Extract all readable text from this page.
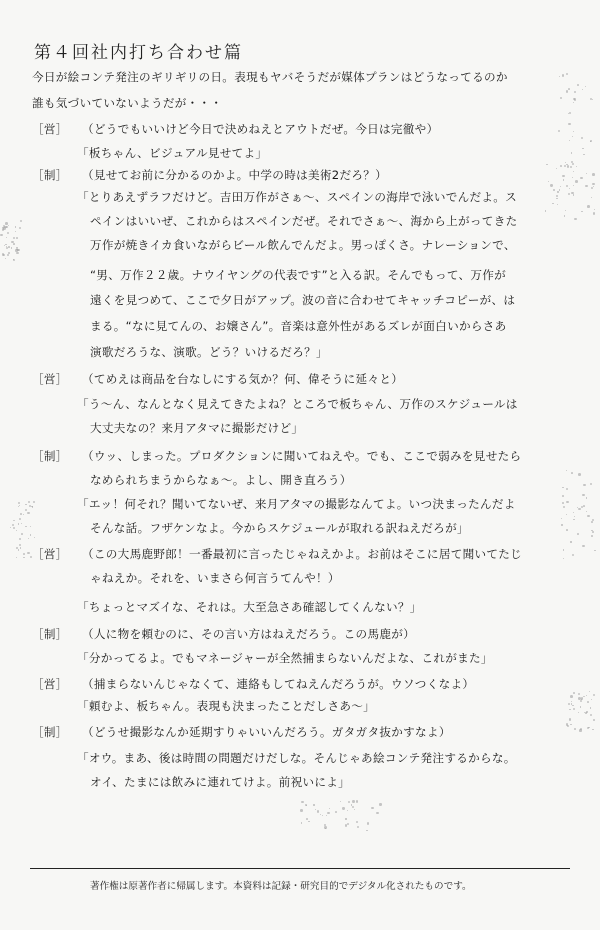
第４回社内打ち合わせ篇
今日が絵コンテ発注のギリギリの日。表現もヤバそうだが媒体プランはどうなってるのか
誰も気づいていないようだが・・・
［営］ （どうでもいいけど今日で決めねえとアウトだぜ。今日は完徹や）
「板ちゃん、ビジュアル見せてよ」
［制］ （見せてお前に分かるのかよ。中学の時は美術2だろ？）
「とりあえずラフだけど。吉田万作がさぁ～、スペインの海岸で泳いでんだよ。ス
ペインはいいぜ、これからはスペインだぜ。それでさぁ～、海から上がってきた
万作が焼きイカ食いながらビール飲んでんだよ。男っぽくさ。ナレーションで、
“男、万作２２歳。ナウイヤングの代表です”と入る訳。そんでもって、万作が
遠くを見つめて、ここで夕日がアップ。波の音に合わせてキャッチコピーが、は
まる。“なに見てんの、お嬢さん”。音楽は意外性があるズレが面白いからさあ
演歌だろうな、演歌。どう？いけるだろ？」
［営］ （てめえは商品を台なしにする気か？何、偉そうに延々と）
「う～ん、なんとなく見えてきたよね？ところで板ちゃん、万作のスケジュールは
大丈夫なの？来月アタマに撮影だけど」
［制］ （ウッ、しまった。プロダクションに聞いてねえや。でも、ここで弱みを見せたら
なめられちまうからなぁ～。よし、開き直ろう）
「エッ！何それ？聞いてないぜ、来月アタマの撮影なんてよ。いつ決まったんだよ
そんな話。フザケンなよ。今からスケジュールが取れる訳ねえだろが」
［営］ （この大馬鹿野郎！一番最初に言ったじゃねえかよ。お前はそこに居て聞いてたじ
ゃねえか。それを、いまさら何言うてんや！）
「ちょっとマズイな、それは。大至急さあ確認してくんない？」
［制］ （人に物を頼むのに、その言い方はねえだろう。この馬鹿が）
「分かってるよ。でもマネージャーが全然捕まらないんだよな、これがまた」
［営］ （捕まらないんじゃなくて、連絡もしてねえんだろうが。ウソつくなよ）
「頼むよ、板ちゃん。表現も決まったことだしさあ～」
［制］ （どうせ撮影なんか延期すりゃいいんだろう。ガタガタ抜かすなよ）
「オウ。まあ、後は時間の問題だけだしな。そんじゃあ絵コンテ発注するからな。
オイ、たまには飲みに連れてけよ。前祝いによ」
著作権は原著作者に帰属します。本資料は記録・研究目的でデジタル化されたものです。
